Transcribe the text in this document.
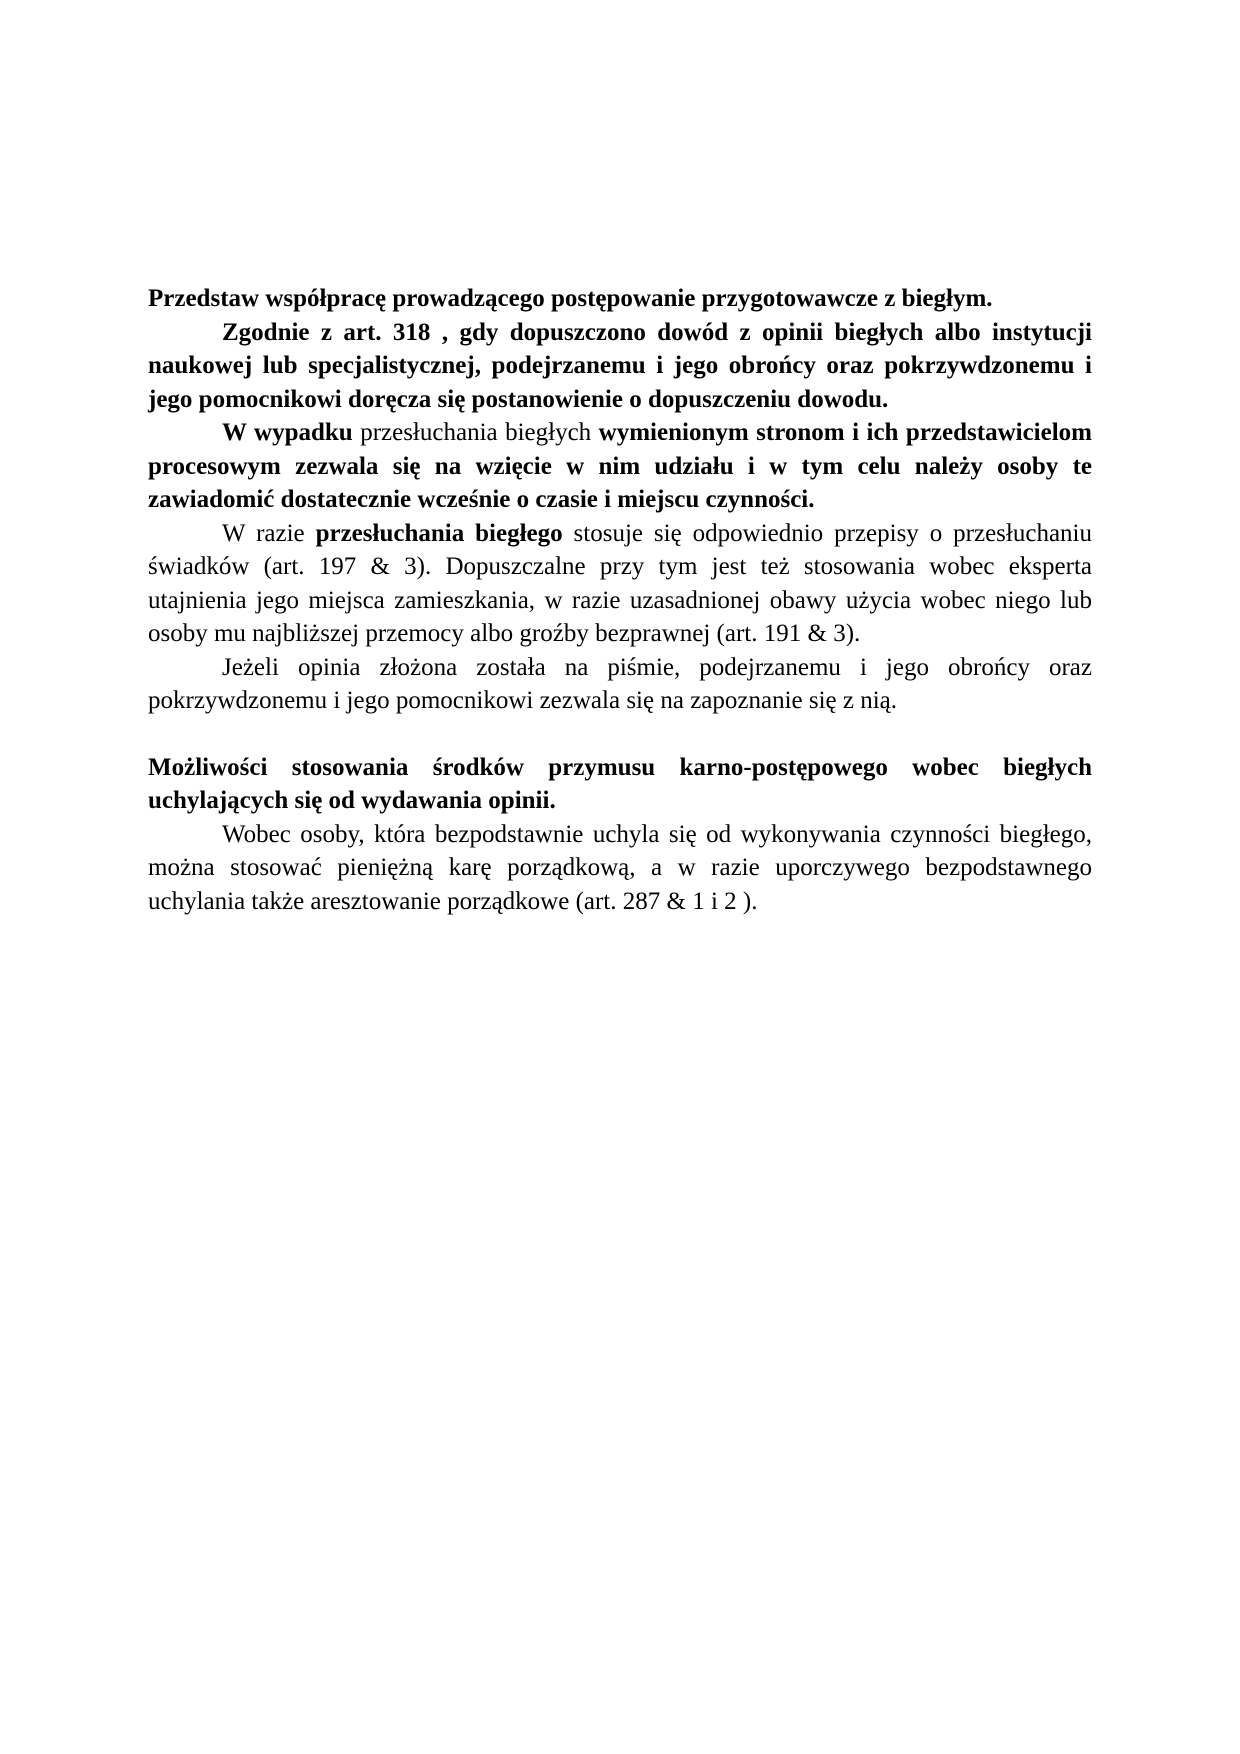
Przedstaw współpracę prowadzącego postępowanie przygotowawcze z biegłym.

Zgodnie z art. 318 , gdy dopuszczono dowód z opinii biegłych albo instytucji naukowej lub specjalistycznej, podejrzanemu i jego obrońcy oraz pokrzywdzonemu i jego pomocnikowi doręcza się postanowienie o dopuszczeniu dowodu.

W wypadku przesłuchania biegłych wymienionym stronom i ich przedstawicielom procesowym zezwala się na wzięcie w nim udziału i w tym celu należy osoby te zawiadomić dostatecznie wcześnie o czasie i miejscu czynności.

W razie przesłuchania biegłego stosuje się odpowiednio przepisy o przesłuchaniu świadków (art. 197 & 3). Dopuszczalne przy tym jest też stosowania wobec eksperta utajnienia jego miejsca zamieszkania, w razie uzasadnionej obawy użycia wobec niego lub osoby mu najbliższej przemocy albo groźby bezprawnej (art. 191 & 3).

Jeżeli opinia złożona została na piśmie, podejrzanemu i jego obrońcy oraz pokrzywdzonemu i jego pomocnikowi zezwala się na zapoznanie się z nią.

Możliwości stosowania środków przymusu karno-postępowego wobec biegłych uchylających się od wydawania opinii.

Wobec osoby, która bezpodstawnie uchyla się od wykonywania czynności biegłego, można stosować pieniężną karę porządkową, a w razie uporczywego bezpodstawnego uchylania także aresztowanie porządkowe (art. 287 & 1 i 2 ).
